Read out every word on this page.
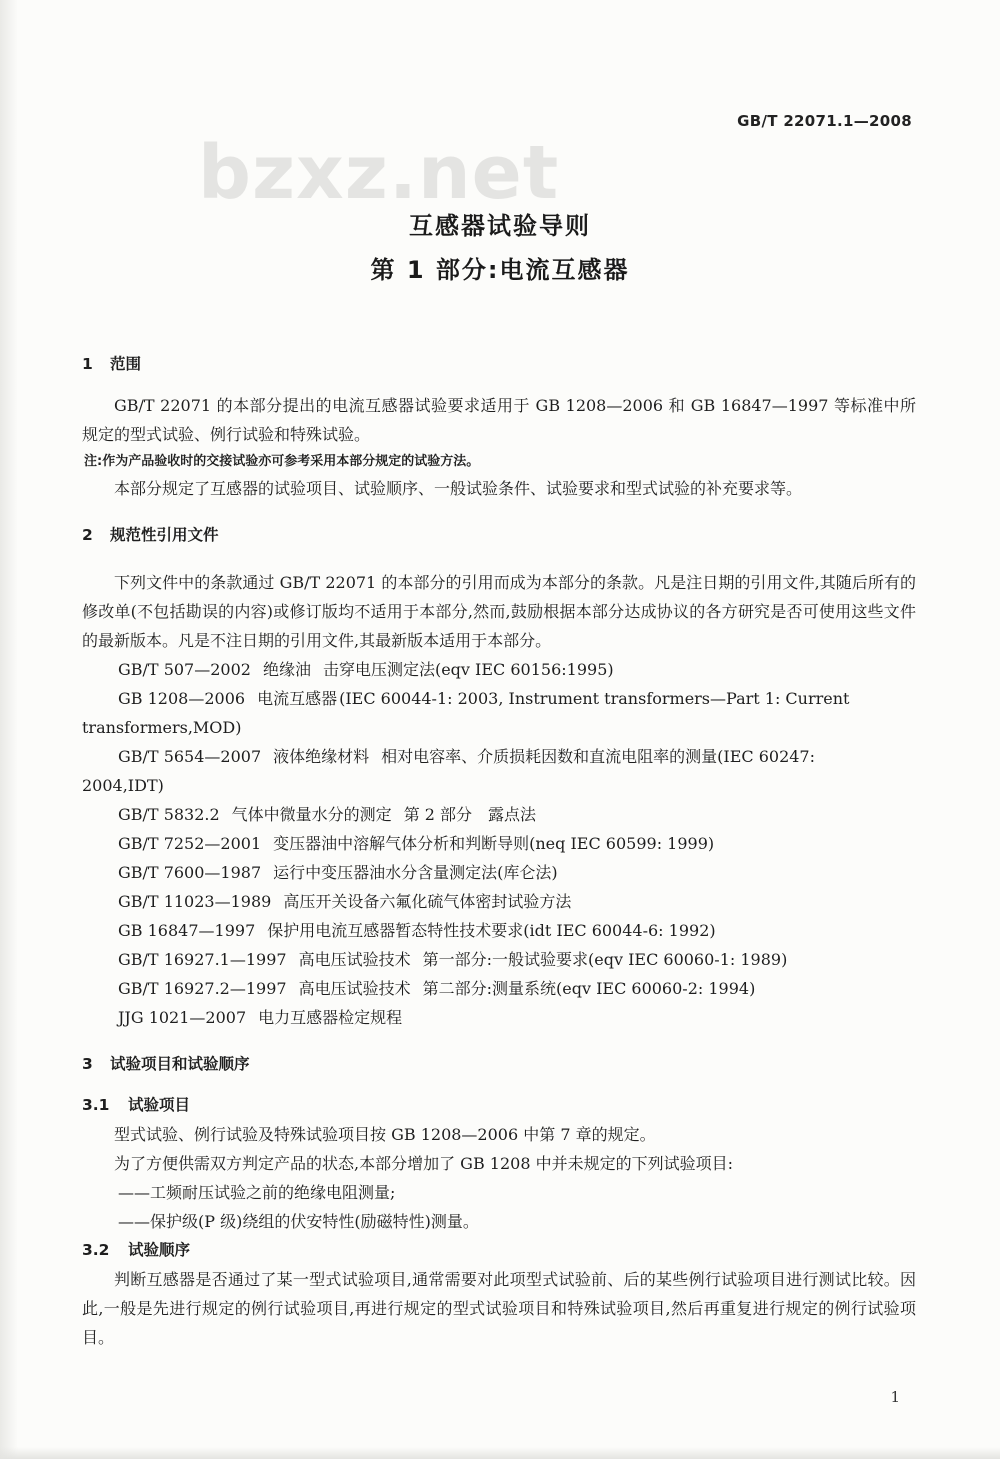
GB/T 22071.1—2008
bzxz.net
互感器试验导则
第 1 部分:电流互感器
1 范围
GB/T 22071 的本部分提出的电流互感器试验要求适用于 GB 1208—2006 和 GB 16847—1997 等标准中所规定的型式试验、例行试验和特殊试验。
注:作为产品验收时的交接试验亦可参考采用本部分规定的试验方法。
本部分规定了互感器的试验项目、试验顺序、一般试验条件、试验要求和型式试验的补充要求等。
2 规范性引用文件
下列文件中的条款通过 GB/T 22071 的本部分的引用而成为本部分的条款。凡是注日期的引用文件,其随后所有的修改单(不包括勘误的内容)或修订版均不适用于本部分,然而,鼓励根据本部分达成协议的各方研究是否可使用这些文件的最新版本。凡是不注日期的引用文件,其最新版本适用于本部分。
GB/T 507—2002 绝缘油 击穿电压测定法(eqv IEC 60156:1995)
GB 1208—2006 电流互感器 (IEC 60044-1: 2003, Instrument transformers—Part 1: Current
transformers,MOD)
GB/T 5654—2007 液体绝缘材料 相对电容率、介质损耗因数和直流电阻率的测量(IEC 60247:
2004,IDT)
GB/T 5832.2 气体中微量水分的测定 第 2 部分　露点法
GB/T 7252—2001 变压器油中溶解气体分析和判断导则(neq IEC 60599: 1999)
GB/T 7600—1987 运行中变压器油水分含量测定法(库仑法)
GB/T 11023—1989 高压开关设备六氟化硫气体密封试验方法
GB 16847—1997 保护用电流互感器暂态特性技术要求(idt IEC 60044-6: 1992)
GB/T 16927.1—1997 高电压试验技术 第一部分:一般试验要求(eqv IEC 60060-1: 1989)
GB/T 16927.2—1997 高电压试验技术 第二部分:测量系统(eqv IEC 60060-2: 1994)
JJG 1021—2007 电力互感器检定规程
3 试验项目和试验顺序
3.1 试验项目
型式试验、例行试验及特殊试验项目按 GB 1208—2006 中第 7 章的规定。
为了方便供需双方判定产品的状态,本部分增加了 GB 1208 中并未规定的下列试验项目:
——工频耐压试验之前的绝缘电阻测量;
——保护级(P 级)绕组的伏安特性(励磁特性)测量。
3.2 试验顺序
判断互感器是否通过了某一型式试验项目,通常需要对此项型式试验前、后的某些例行试验项目进行测试比较。因此,一般是先进行规定的例行试验项目,再进行规定的型式试验项目和特殊试验项目,然后再重复进行规定的例行试验项目。
1
